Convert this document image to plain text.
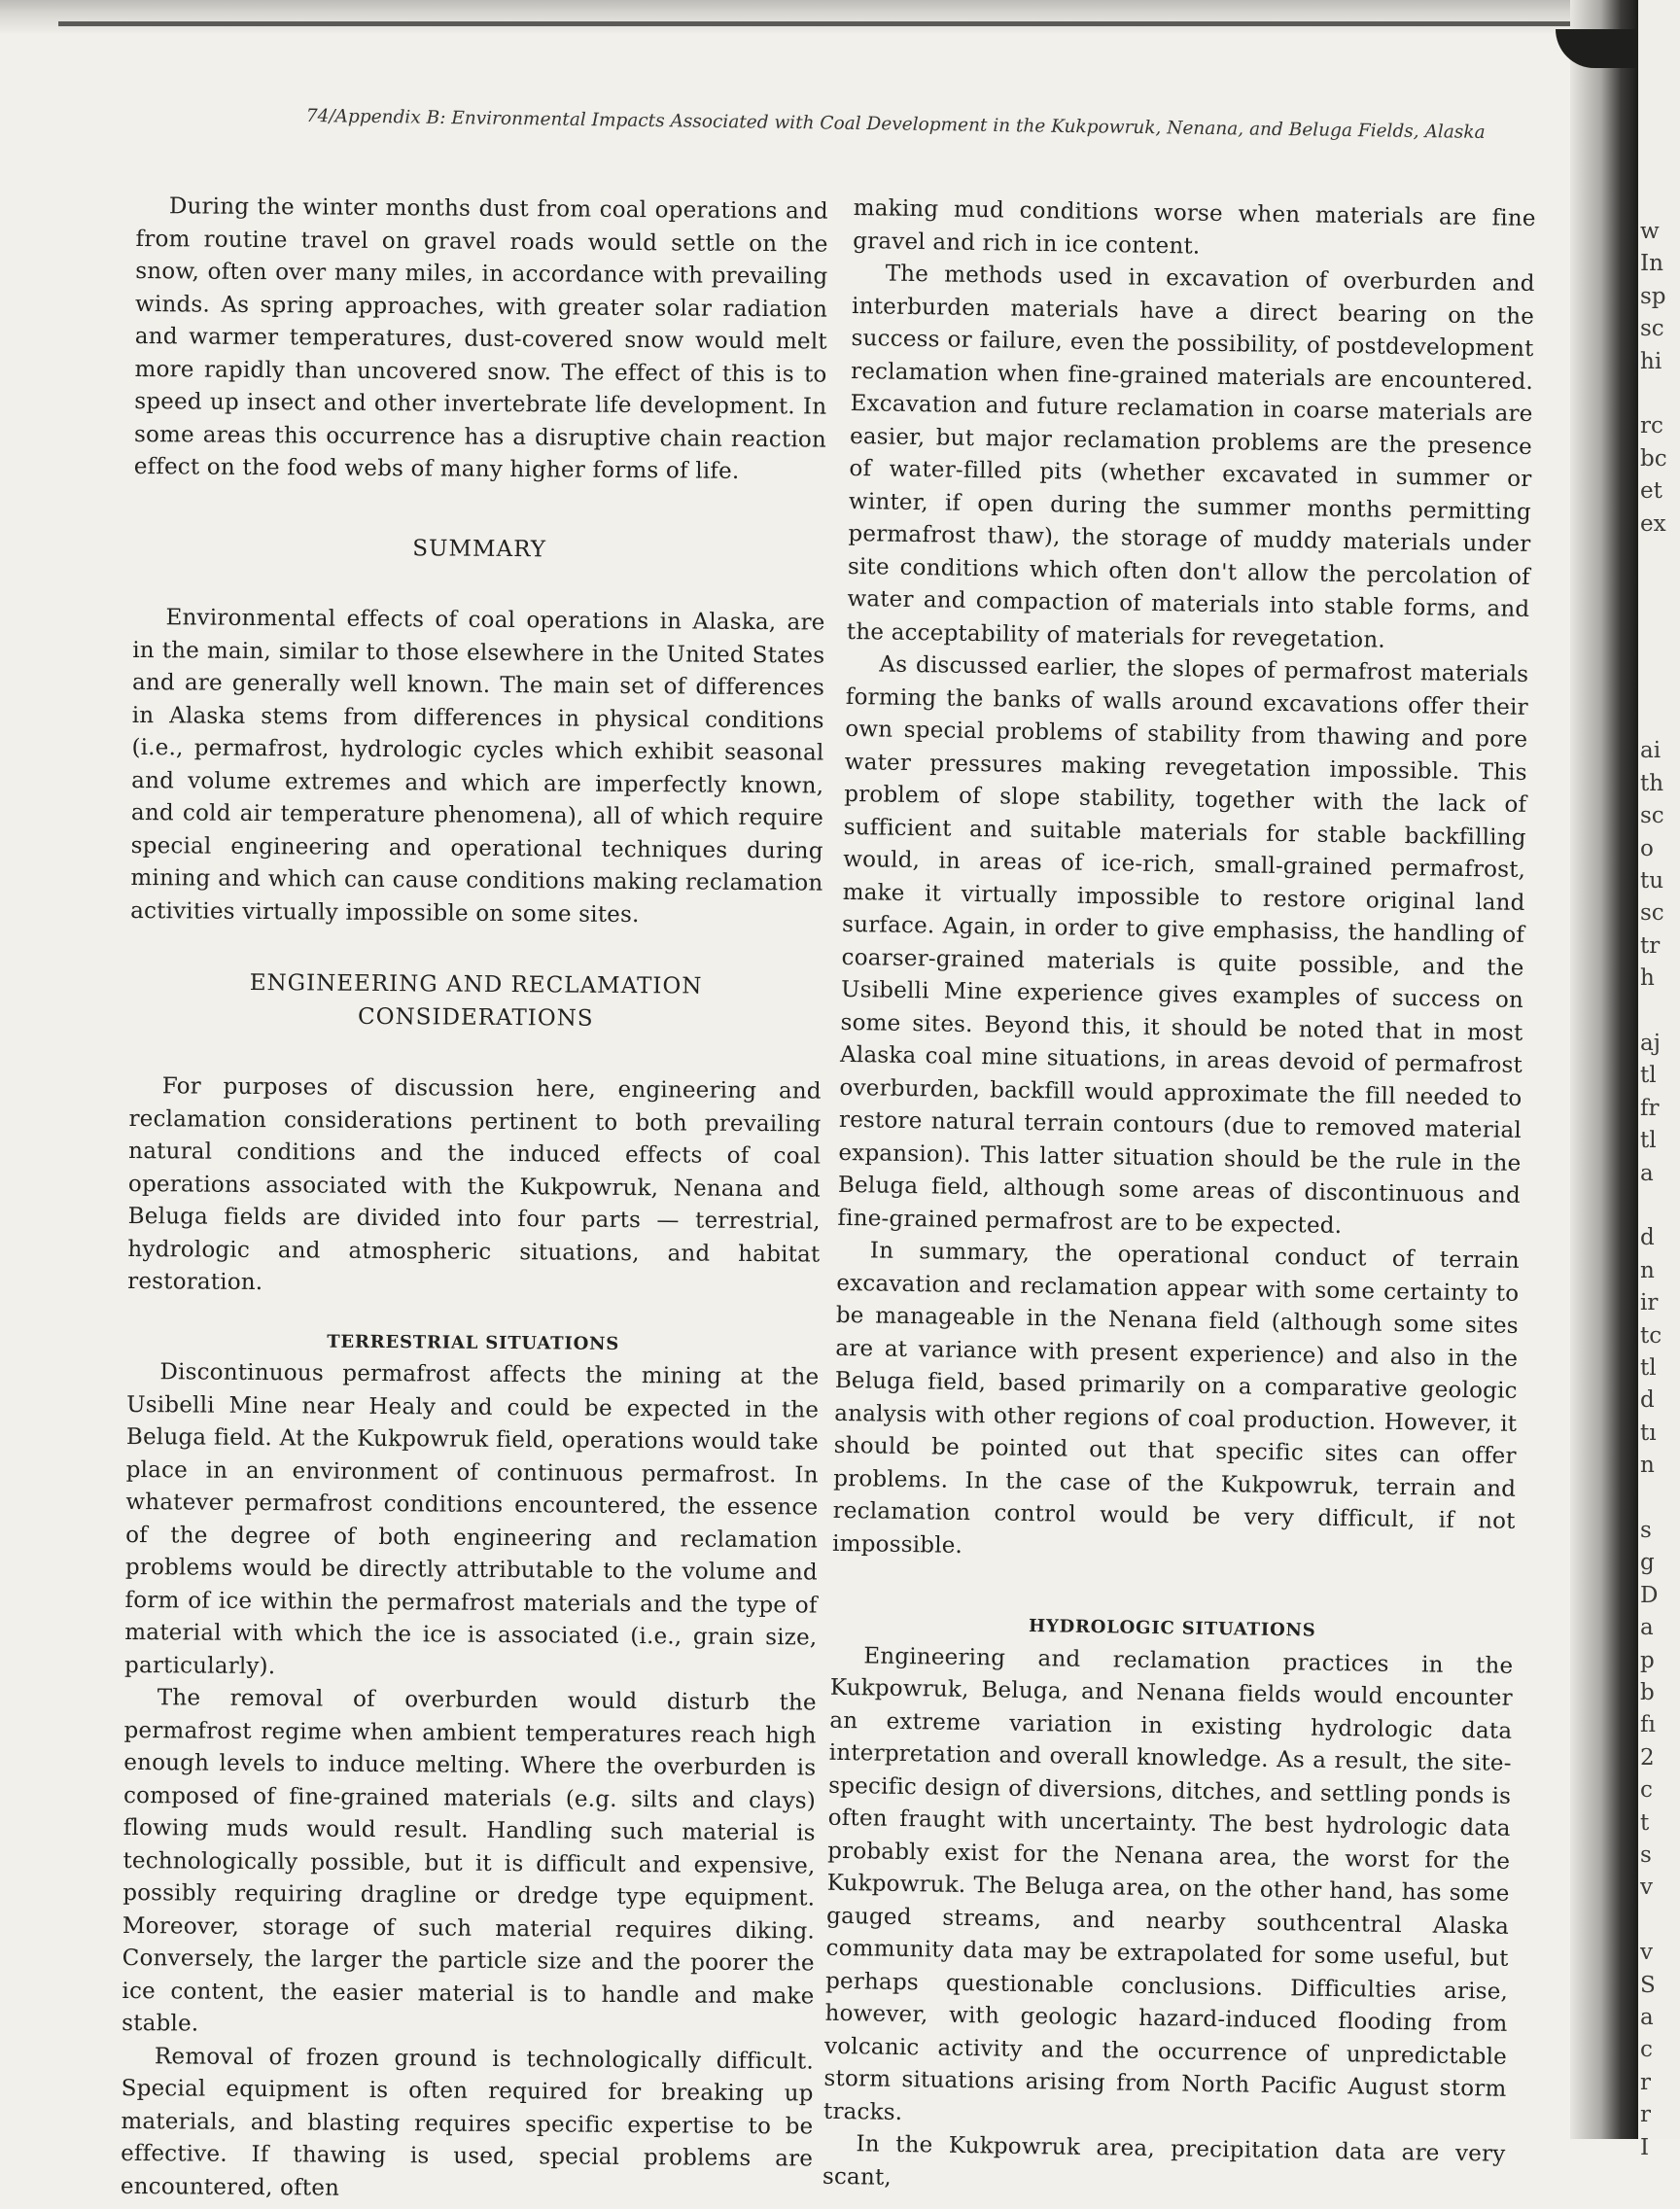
74/Appendix B: Environmental Impacts Associated with Coal Development in the Kukpowruk, Nenana, and Beluga Fields, Alaska

During the winter months dust from coal operations and from routine travel on gravel roads would settle on the snow, often over many miles, in accordance with prevailing winds. As spring approaches, with greater solar radiation and warmer temperatures, dust-covered snow would melt more rapidly than uncovered snow. The effect of this is to speed up insect and other invertebrate life development. In some areas this occurrence has a disruptive chain reaction effect on the food webs of many higher forms of life.

SUMMARY

Environmental effects of coal operations in Alaska, are in the main, similar to those elsewhere in the United States and are generally well known. The main set of differences in Alaska stems from differences in physical conditions (i.e., permafrost, hydrologic cycles which exhibit seasonal and volume extremes and which are imperfectly known, and cold air temperature phenomena), all of which require special engineering and operational techniques during mining and which can cause conditions making reclamation activities virtually impossible on some sites.

ENGINEERING AND RECLAMATION CONSIDERATIONS

For purposes of discussion here, engineering and reclamation considerations pertinent to both prevailing natural conditions and the induced effects of coal operations associated with the Kukpowruk, Nenana and Beluga fields are divided into four parts — terrestrial, hydrologic and atmospheric situations, and habitat restoration.

TERRESTRIAL SITUATIONS

Discontinuous permafrost affects the mining at the Usibelli Mine near Healy and could be expected in the Beluga field. At the Kukpowruk field, operations would take place in an environment of continuous permafrost. In whatever permafrost conditions encountered, the essence of the degree of both engineering and reclamation problems would be directly attributable to the volume and form of ice within the permafrost materials and the type of material with which the ice is associated (i.e., grain size, particularly).

The removal of overburden would disturb the permafrost regime when ambient temperatures reach high enough levels to induce melting. Where the overburden is composed of fine-grained materials (e.g. silts and clays) flowing muds would result. Handling such material is technologically possible, but it is difficult and expensive, possibly requiring dragline or dredge type equipment. Moreover, storage of such material requires diking. Conversely, the larger the particle size and the poorer the ice content, the easier material is to handle and make stable.

Removal of frozen ground is technologically difficult. Special equipment is often required for breaking up materials, and blasting requires specific expertise to be effective. If thawing is used, special problems are encountered, often

making mud conditions worse when materials are fine gravel and rich in ice content.

The methods used in excavation of overburden and interburden materials have a direct bearing on the success or failure, even the possibility, of postdevelopment reclamation when fine-grained materials are encountered. Excavation and future reclamation in coarse materials are easier, but major reclamation problems are the presence of water-filled pits (whether excavated in summer or winter, if open during the summer months permitting permafrost thaw), the storage of muddy materials under site conditions which often don't allow the percolation of water and compaction of materials into stable forms, and the acceptability of materials for revegetation.

As discussed earlier, the slopes of permafrost materials forming the banks of walls around excavations offer their own special problems of stability from thawing and pore water pressures making revegetation impossible. This problem of slope stability, together with the lack of sufficient and suitable materials for stable backfilling would, in areas of ice-rich, small-grained permafrost, make it virtually impossible to restore original land surface. Again, in order to give emphasiss, the handling of coarser-grained materials is quite possible, and the Usibelli Mine experience gives examples of success on some sites. Beyond this, it should be noted that in most Alaska coal mine situations, in areas devoid of permafrost overburden, backfill would approximate the fill needed to restore natural terrain contours (due to removed material expansion). This latter situation should be the rule in the Beluga field, although some areas of discontinuous and fine-grained permafrost are to be expected.

In summary, the operational conduct of terrain excavation and reclamation appear with some certainty to be manageable in the Nenana field (although some sites are at variance with present experience) and also in the Beluga field, based primarily on a comparative geologic analysis with other regions of coal production. However, it should be pointed out that specific sites can offer problems. In the case of the Kukpowruk, terrain and reclamation control would be very difficult, if not impossible.

HYDROLOGIC SITUATIONS

Engineering and reclamation practices in the Kukpowruk, Beluga, and Nenana fields would encounter an extreme variation in existing hydrologic data interpretation and overall knowledge. As a result, the site-specific design of diversions, ditches, and settling ponds is often fraught with uncertainty. The best hydrologic data probably exist for the Nenana area, the worst for the Kukpowruk. The Beluga area, on the other hand, has some gauged streams, and nearby southcentral Alaska community data may be extrapolated for some useful, but perhaps questionable conclusions. Difficulties arise, however, with geologic hazard-induced flooding from volcanic activity and the occurrence of unpredictable storm situations arising from North Pacific August storm tracks.

In the Kukpowruk area, precipitation data are very scant,

w
In
sp
sc
hi
rc
bc
et
ex
ai
th
sc
o
tu
sc
tr
h
aj
tl
fr
tl
a
d
n
ir
tc
tl
d
tı
n
s
g
D
a
p
b
fı
2
c
t
s
v
v
S
a
c
r
r
I
